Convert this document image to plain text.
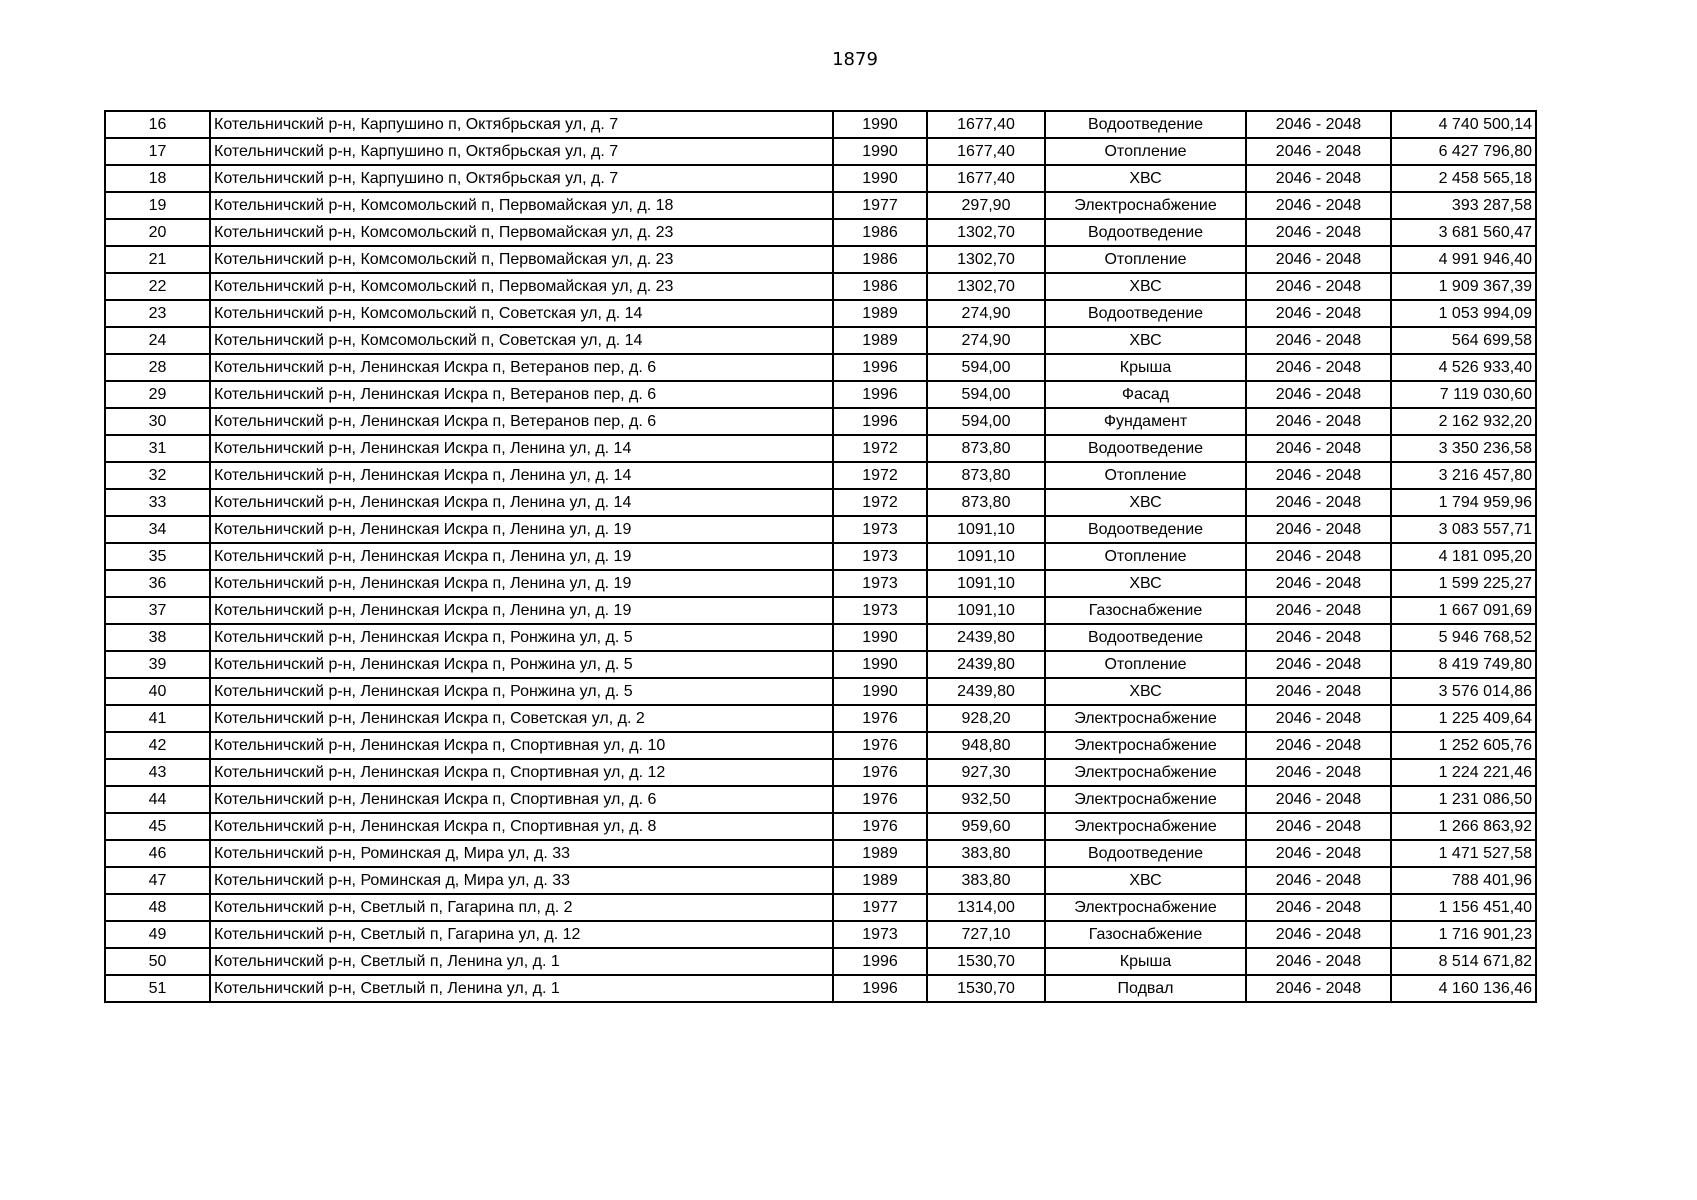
1879
16	Котельничский р-н, Карпушино п, Октябрьская ул, д. 7	1990	1677,40	Водоотведение	2046 - 2048	4 740 500,14
17	Котельничский р-н, Карпушино п, Октябрьская ул, д. 7	1990	1677,40	Отопление	2046 - 2048	6 427 796,80
18	Котельничский р-н, Карпушино п, Октябрьская ул, д. 7	1990	1677,40	ХВС	2046 - 2048	2 458 565,18
19	Котельничский р-н, Комсомольский п, Первомайская ул, д. 18	1977	297,90	Электроснабжение	2046 - 2048	393 287,58
20	Котельничский р-н, Комсомольский п, Первомайская ул, д. 23	1986	1302,70	Водоотведение	2046 - 2048	3 681 560,47
21	Котельничский р-н, Комсомольский п, Первомайская ул, д. 23	1986	1302,70	Отопление	2046 - 2048	4 991 946,40
22	Котельничский р-н, Комсомольский п, Первомайская ул, д. 23	1986	1302,70	ХВС	2046 - 2048	1 909 367,39
23	Котельничский р-н, Комсомольский п, Советская ул, д. 14	1989	274,90	Водоотведение	2046 - 2048	1 053 994,09
24	Котельничский р-н, Комсомольский п, Советская ул, д. 14	1989	274,90	ХВС	2046 - 2048	564 699,58
28	Котельничский р-н, Ленинская Искра п, Ветеранов пер, д. 6	1996	594,00	Крыша	2046 - 2048	4 526 933,40
29	Котельничский р-н, Ленинская Искра п, Ветеранов пер, д. 6	1996	594,00	Фасад	2046 - 2048	7 119 030,60
30	Котельничский р-н, Ленинская Искра п, Ветеранов пер, д. 6	1996	594,00	Фундамент	2046 - 2048	2 162 932,20
31	Котельничский р-н, Ленинская Искра п, Ленина ул, д. 14	1972	873,80	Водоотведение	2046 - 2048	3 350 236,58
32	Котельничский р-н, Ленинская Искра п, Ленина ул, д. 14	1972	873,80	Отопление	2046 - 2048	3 216 457,80
33	Котельничский р-н, Ленинская Искра п, Ленина ул, д. 14	1972	873,80	ХВС	2046 - 2048	1 794 959,96
34	Котельничский р-н, Ленинская Искра п, Ленина ул, д. 19	1973	1091,10	Водоотведение	2046 - 2048	3 083 557,71
35	Котельничский р-н, Ленинская Искра п, Ленина ул, д. 19	1973	1091,10	Отопление	2046 - 2048	4 181 095,20
36	Котельничский р-н, Ленинская Искра п, Ленина ул, д. 19	1973	1091,10	ХВС	2046 - 2048	1 599 225,27
37	Котельничский р-н, Ленинская Искра п, Ленина ул, д. 19	1973	1091,10	Газоснабжение	2046 - 2048	1 667 091,69
38	Котельничский р-н, Ленинская Искра п, Ронжина ул, д. 5	1990	2439,80	Водоотведение	2046 - 2048	5 946 768,52
39	Котельничский р-н, Ленинская Искра п, Ронжина ул, д. 5	1990	2439,80	Отопление	2046 - 2048	8 419 749,80
40	Котельничский р-н, Ленинская Искра п, Ронжина ул, д. 5	1990	2439,80	ХВС	2046 - 2048	3 576 014,86
41	Котельничский р-н, Ленинская Искра п, Советская ул, д. 2	1976	928,20	Электроснабжение	2046 - 2048	1 225 409,64
42	Котельничский р-н, Ленинская Искра п, Спортивная ул, д. 10	1976	948,80	Электроснабжение	2046 - 2048	1 252 605,76
43	Котельничский р-н, Ленинская Искра п, Спортивная ул, д. 12	1976	927,30	Электроснабжение	2046 - 2048	1 224 221,46
44	Котельничский р-н, Ленинская Искра п, Спортивная ул, д. 6	1976	932,50	Электроснабжение	2046 - 2048	1 231 086,50
45	Котельничский р-н, Ленинская Искра п, Спортивная ул, д. 8	1976	959,60	Электроснабжение	2046 - 2048	1 266 863,92
46	Котельничский р-н, Роминская д, Мира ул, д. 33	1989	383,80	Водоотведение	2046 - 2048	1 471 527,58
47	Котельничский р-н, Роминская д, Мира ул, д. 33	1989	383,80	ХВС	2046 - 2048	788 401,96
48	Котельничский р-н, Светлый п, Гагарина пл, д. 2	1977	1314,00	Электроснабжение	2046 - 2048	1 156 451,40
49	Котельничский р-н, Светлый п, Гагарина ул, д. 12	1973	727,10	Газоснабжение	2046 - 2048	1 716 901,23
50	Котельничский р-н, Светлый п, Ленина ул, д. 1	1996	1530,70	Крыша	2046 - 2048	8 514 671,82
51	Котельничский р-н, Светлый п, Ленина ул, д. 1	1996	1530,70	Подвал	2046 - 2048	4 160 136,46
